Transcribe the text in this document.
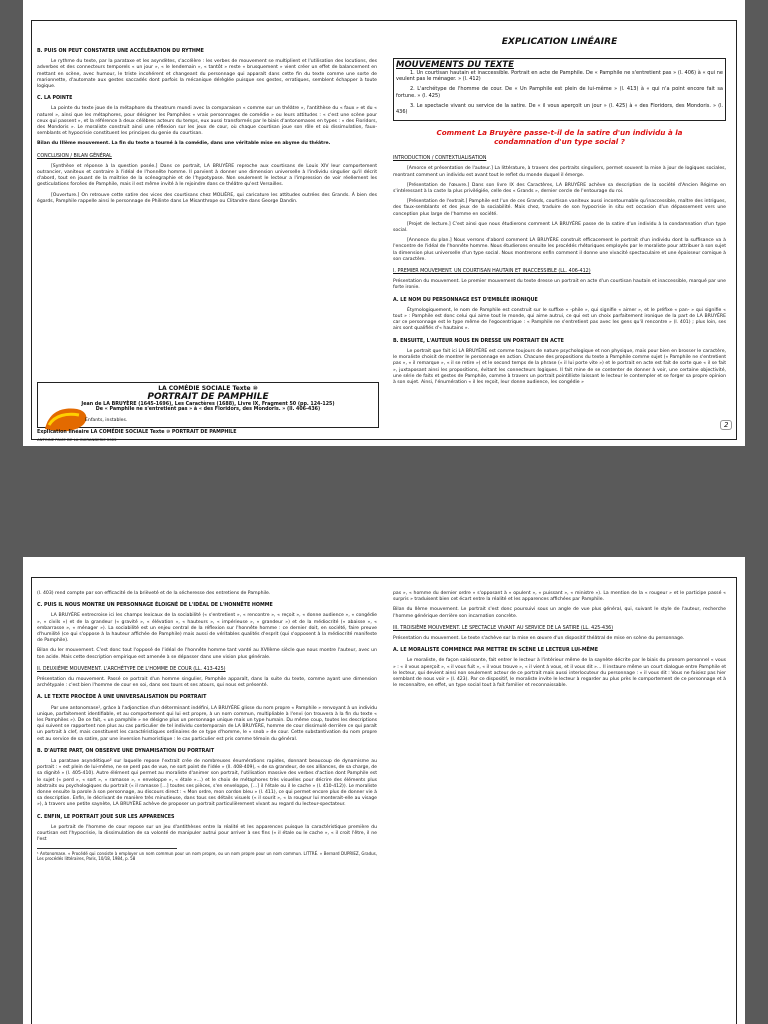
B. PUIS ON PEUT CONSTATER UNE ACCÉLÉRATION DU RYTHME

Le rythme du texte, par la parataxe et les asyndètes, s'accélère : les verbes de mouvement se multiplient et l'utilisation des locutions, des adverbes et des connecteurs temporels « un jour », « le lendemain », « tantôt » reste « brusquement » vient créer un effet de balancement en mettant en scène, avec humour, le triste incohérent et changeant du personnage qui apparaît dans cette fin du texte comme une sorte de marionnette, d'automate aux gestes saccadés dont parfois la mécanique dérèglée puisque ses gestes, erratiques, semblent échapper à toute logique.

C. LA POINTE

La pointe du texte joue de la métaphore du theatrum mundi avec la comparaison « comme sur un théâtre », l'antithèse du « faux » et du « naturel », ainsi que les métaphores, pour désigner les Pamphiles « vrais personnages de comédie » ou leurs attitudes : « c'est une scène pour ceux qui passent », et la référence à deux célèbres acteurs du temps, eux aussi transformés par le biais d'antonomases en types : « des Floridors, des Mondoris ». Le moraliste construit ainsi une réflexion sur les jeux de cour, où chaque courtisan joue son rôle et où dissimulation, faux-semblants et hypocrisie constituent les principes du genie du courtisan.

Bilan du IIIème mouvement. La fin du texte a tourné à la comédie, dans une véritable mise en abyme du théâtre.

CONCLUSION / BILAN GÉNÉRAL

[Synthèse et réponse à la question posée.] Dans ce portrait, LA BRUYÈRE reproche aux courtisans de Louis XIV leur comportement outrancier, vaniteux et contraire à l'idéal de l'honnête homme. Il parvient à donner une dimension universelle à l'individu singulier qu'il décrit d'abord, tout en jouant de la maîtrise de la scénographie et de l'hypotypose. Non seulement le lecteur a l'impression de voir réellement les gesticulations forcées de Pamphile, mais il est même invité à le rejoindre dans ce théâtre qu'est Versailles.

[Ouverture.] On retrouve cette satire des vices des courtisans chez MOLIÈRE, qui caricature les attitudes outrées des Grands. À bien des égards, Pamphile rappelle ainsi le personnage de Philinte dans Le Misanthrope ou Clitandre dans George Dandin.

LA COMÉDIE SOCIALE Texte ⑩
PORTRAIT DE PAMPHILE
Jean de LA BRUYÈRE (1645-1696), Les Caractères (1688), Livre IX, Fragment 50 (pp. 124-125)
De « Pamphile ne s'entretient pas » à « des Floridors, des Mondoris. » (ll. 406-436)
Enfants, instables.
Explication linéaire LA COMÉDIE SOCIALE Texte ⑩ PORTRAIT DE PAMPHILE
ANTOINE PAVIE DE LA GUIRANDERIE 2022
EXPLICATION LINÉAIRE
MOUVEMENTS DU TEXTE

1. Un courtisan hautain et inaccessible. Portrait en acte de Pamphile. De « Pamphile ne s'entretient pas » (l. 406) à « qui ne veulent pas le ménager. » (l. 412)

2. L'archétype de l'homme de cour. De « Un Pamphile est plein de lui-même » (l. 413) à « qui n'a point encore fait sa fortune. » (l. 425)

3. Le spectacle vivant ou service de la satire. De « il vous aperçoit un jour » (l. 425) à « des Floridors, des Mondoris. » (l. 436)

Comment La Bruyère passe-t-il de la satire d'un individu à la condamnation d'un type social ?
INTRODUCTION / CONTEXTUALISATION

[Amorce et présentation de l'auteur.] La littérature, à travers des portraits singuliers, permet souvent la mise à jour de logiques sociales, montrant comment un individu est avant tout le reflet du monde duquel il émerge.

[Présentation de l'œuvre.] Dans son livre IX des Caractères, LA BRUYÈRE achève sa description de la société d'Ancien Régime en s'intéressant à la caste la plus privilégiée, celle des « Grands », dernier cercle de l'entourage du roi.

[Présentation de l'extrait.] Pamphile est l'un de ces Grands, courtisan vaniteux aussi incontournable qu'inaccessible, maître des intrigues, des faux-semblants et des jeux de la sociabilité. Mais chez, traduire de son hypocrisie in situ est occasion d'un dépassement vers une conception plus large de l'homme en société.

[Projet de lecture.] C'est ainsi que nous étudierons comment LA BRUYÈRE passe de la satire d'un individu à la condamnation d'un type social.

[Annonce du plan.] Nous verrons d'abord comment LA BRUYÈRE construit efficacement le portrait d'un individu dont la suffisance va à l'encontre de l'idéal de l'honnête homme. Nous étudierons ensuite les procédés rhétoriques employés par le moraliste pour attribuer à son sujet la dimension plus universelle d'un type social. Nous montrerons enfin comment il donne une vivacité spectaculaire et une épaisseur comique à son caractère.

I. PREMIER MOUVEMENT. UN COURTISAN HAUTAIN ET INACCESSIBLE (LL. 406-412)

Présentation du mouvement. Le premier mouvement du texte dresse un portrait en acte d'un courtisan hautain et inaccessible, marqué par une forte ironie.

A. LE NOM DU PERSONNAGE EST D'EMBLÉE IRONIQUE

Étymologiquement, le nom de Pamphile est construit sur le suffixe « -phile », qui signifie « aimer », et le préfixe « pan- » qui signifie « tout » : Pamphile est donc celui qui aime tout le monde, qui aime autrui, ce qui est un choix parfaitement ironique de la part de LA BRUYÈRE car ce personnage est le type même de l'egocentrique : « Pamphile ne s'entretient pas avec les gens qu'il rencontre » (l. 401) ; plus loin, ses airs sont qualifiés d'« hautains ».

B. ENSUITE, L'AUTEUR NOUS EN DRESSE UN PORTRAIT EN ACTE

Le portrait que fait ici LA BRUYÈRE est comme toujours de nature psychologique et non physique, mais pour bien en brosser le caractère, le moraliste choisit de montrer le personnage en action. Chacune des propositions du texte a Pamphile comme sujet (« Pamphile ne s'entretient pas », « il remarque », « il se retire ») et le second temps de la phrase (« il lui porte vite ») et le portrait en acte est fait de sorte que « il se fait », juxtaposant ainsi les propositions, évitant les connecteurs logiques. Il fait mine de se contenter de donner à voir, une certaine objectivité, une série de faits et gestes de Pamphile, comme à travers un portrait pointilliste laissant le lecteur le contempler et se forger sa propre opinion à son sujet. Ainsi, l'énumération « il les reçoit, leur donne audience, les congédie »

2

(l. 403) rend compte par son efficacité de la brièveté et de la sécheresse des entretiens de Pamphile.

C. PUIS IL NOUS MONTRE UN PERSONNAGE ÉLOIGNÉ DE L'IDÉAL DE L'HONNÊTE HOMME

LA BRUYÈRE entrecroise ici les champs lexicaux de la sociabilité (« s'entretient », « rencontre », « reçoit », « donne audience », « congédie », « civils ») et de la grandeur (« gravité », « élévation », « hauteurs », « impérieuse », « grandeur ») et de la médiocrité (« abaisse », « embarrasse », « ménager »). La sociabilité est un enjeu central de la réflexion sur l'honnête homme : ce dernier doit, en société, faire preuve d'humilité (ce qui s'oppose à la hauteur affichée de Pamphile) mais aussi de véritables qualités d'esprit (qui s'opposent à la médiocrité manifeste de Pamphile).

Bilan du Ier mouvement. C'est donc tout l'opposé de l'idéal de l'honnête homme tant vanté au XVIIème siècle que nous montre l'auteur, avec un ton acide. Mais cette description empirique est amenée à se dépasser dans une vision plus générale.

II. DEUXIÈME MOUVEMENT. L'ARCHÉTYPE DE L'HOMME DE COUR (LL. 413-425)

Présentation du mouvement. Passé ce portrait d'un homme singulier, Pamphile apparaît, dans la suite du texte, comme ayant une dimension archétypale : c'est bien l'homme de cour en soi, dans ses tours et ses atours, qui nous est présenté.

A. LE TEXTE PROCÈDE À UNE UNIVERSALISATION DU PORTRAIT

Par une antonomase¹, grâce à l'adjonction d'un déterminant indéfini, LA BRUYÈRE glisse du nom propre « Pamphile » renvoyant à un individu unique, parfaitement identifiable, et au comportement qui lui est propre, à un nom commun, multipliable à l'envi (on trouvera à la fin du texte « les Pamphiles »). De ce fait, « un pamphile » ne désigne plus un personnage unique mais un type humain. Du même coup, toutes les descriptions qui suivent se rapportent non plus au cas particulier de tel individu contemporain de LA BRUYÈRE, homme de cour dissimulé derrière ce qui paraît un portrait à clef, mais constituent les caractéristiques ordinaires de ce type d'homme, le « snob » de cour. Cette substantivation du nom propre est au service de sa satire, par une inversion humoristique : le cas particulier est pris comme témoin du général.

B. D'AUTRE PART, ON OBSERVE UNE DYNAMISATION DU PORTRAIT

La parataxe asyndétique² sur laquelle repose l'extrait crée de nombreuses énumérations rapides, donnant beaucoup de dynamisme au portrait : « est plein de lui-même, ne se perd pas de vue, ne sort point de l'idée » (ll. 408-409), « de sa grandeur, de ses alliances, de sa charge, de sa dignité » (l. 405-410). Autre élément qui permet au moraliste d'animer son portrait, l'utilisation massive des verbes d'action dont Pamphile est le sujet (« perd », « sort », « ramasse », « enveloppe », « étale »…) et le choix de métaphores très visuelles pour décrire des éléments plus abstraits ou psychologiques du portrait (« il ramasse […] toutes ses pièces, s'en enveloppe, […] il l'étale ou il le cache » (l. 410-412)). Le moraliste donne ensuite la parole à son personnage, au discours direct : « Mon ordre, mon cordon bleu » (l. 411), ce qui permet encore plus de donner vie à sa description. Enfin, le décrivant de manière très minutieuse, dans tous ses détails visuels (« il sourit », « la rougeur lui monterait-elle au visage »), à travers une petite saynète, LA BRUYÈRE achève de proposer un portrait particulièrement vivant au regard du lecteur-spectateur.

C. ENFIN, LE PORTRAIT JOUE SUR LES APPARENCES

Le portrait de l'homme de cour repose sur un jeu d'antithèses entre la réalité et les apparences puisque la caractéristique première du courtisan est l'hypocrisie, la dissimulation de sa volonté de manipuler autrui pour arriver à ses fins (« il étale ou le cache », « il croit l'être, il ne l'est

¹ Antonomase. « Procédé qui consiste à employer un nom commun pour un nom propre, ou un nom propre pour un nom commun. LITTRÉ. » Bernard DUPRIEZ, Gradus, Les procédés littéraires, Paris, 10/18, 1984, p. 58

pas », « homme du dernier ordre » s'opposant à « opulent », « puissant », « ministre »). La mention de la « rougeur » et le participe passé « surpris » traduisent bien cet écart entre la réalité et les apparences affichées par Pamphile.

Bilan du IIème mouvement. Le portrait s'est donc poursuivi sous un angle de vue plus général, qui, suivant le style de l'auteur, recherche l'homme générique derrière son incarnation concrète.

III. TROISIÈME MOUVEMENT. LE SPECTACLE VIVANT AU SERVICE DE LA SATIRE (LL. 425-436)

Présentation du mouvement. Le texte s'achève sur la mise en œuvre d'un dispositif théâtral de mise en scène du personnage.

A. LE MORALISTE COMMENCE PAR METTRE EN SCÈNE LE LECTEUR LUI-MÊME

Le moraliste, de façon saisissante, fait entrer le lecteur à l'intérieur même de la saynète décrite par le biais du pronom personnel « vous » : « il vous aperçoit », « il vous fuit », « il vous trouve », « il vient à vous, et il vous dit »… Il instaure même un court dialogue entre Pamphile et le lecteur, qui devient ainsi non seulement acteur de ce portrait mais aussi interlocuteur du personnage : « il vous dit : Vous ne faisiez pas hier semblant de nous voir » (l. 423). Par ce dispositif, le moraliste invite le lecteur à regarder au plus près le comportement de ce personnage et à le reconnaître, en effet, un type social tout à fait familier et reconnaissable.
